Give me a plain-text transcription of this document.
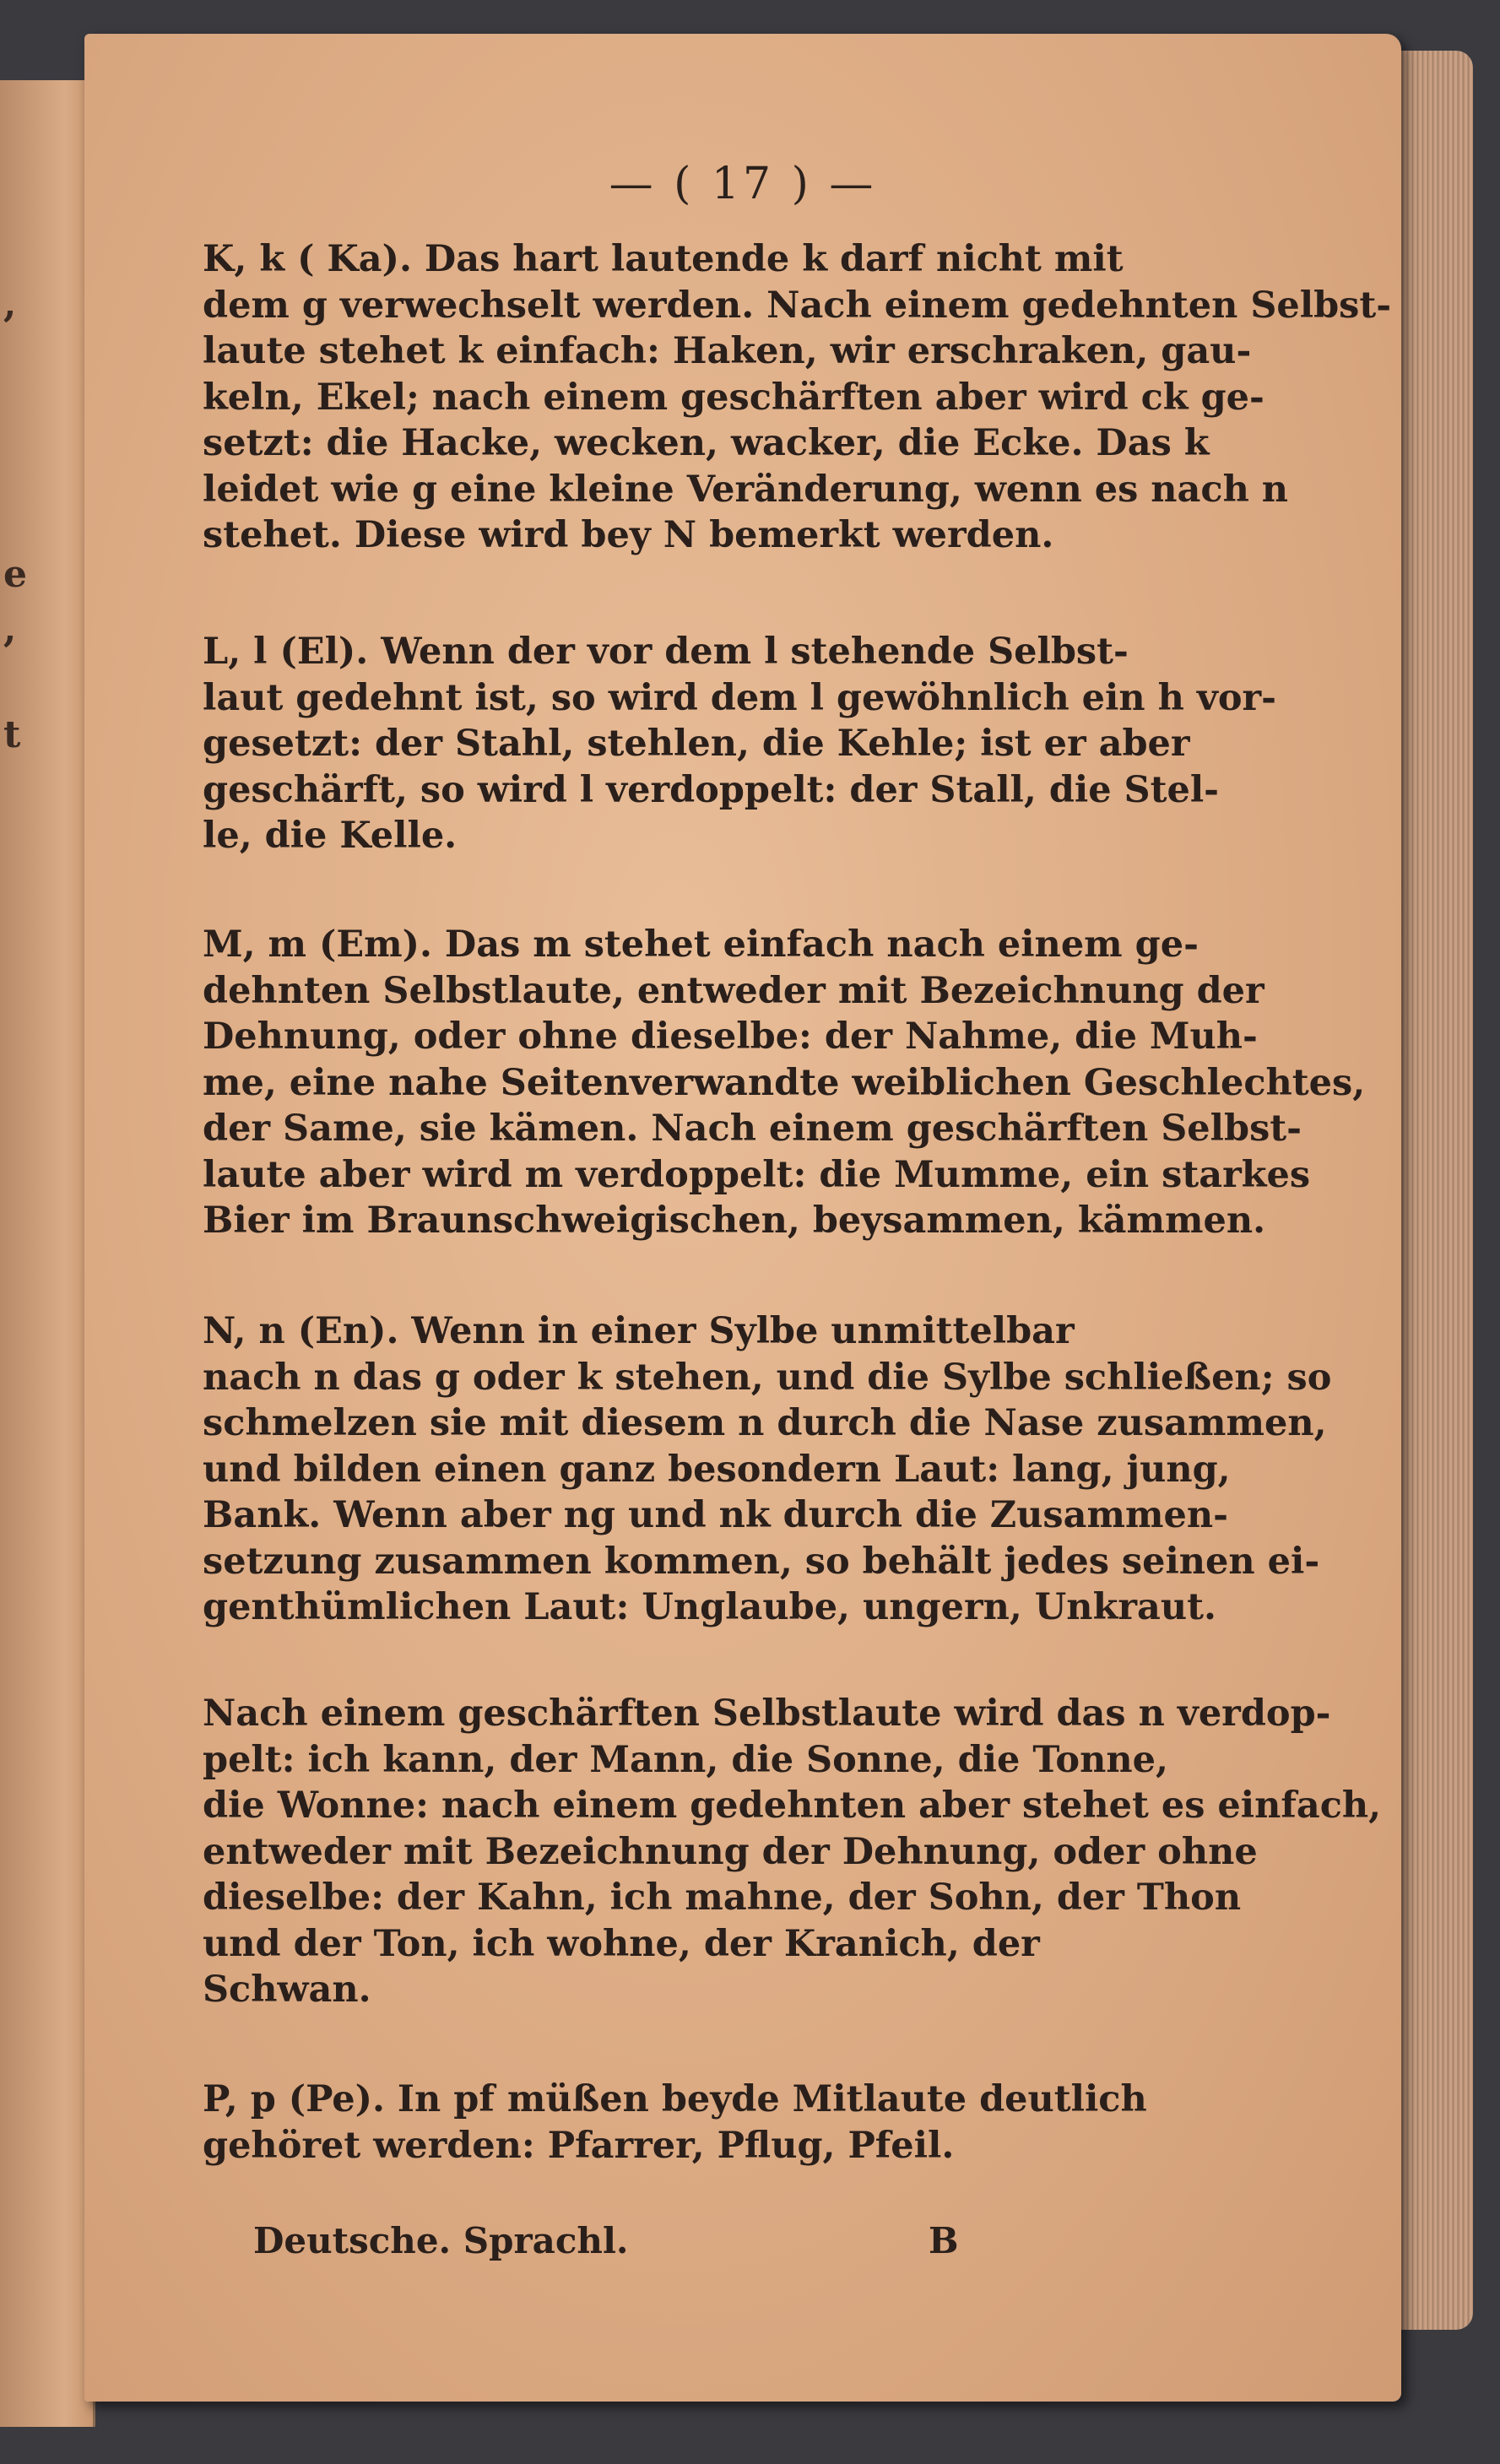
,
e
,
t
— ( 17 ) —
K, k ( Ka). Das hart lautende k darf nicht mit
dem g verwechselt werden. Nach einem gedehnten Selbst-
laute stehet k einfach: Haken, wir erschraken, gau-
keln, Ekel; nach einem geschärften aber wird ck ge-
setzt: die Hacke, wecken, wacker, die Ecke. Das k
leidet wie g eine kleine Veränderung, wenn es nach n
stehet. Diese wird bey N bemerkt werden.
L, l (El). Wenn der vor dem l stehende Selbst-
laut gedehnt ist, so wird dem l gewöhnlich ein h vor-
gesetzt: der Stahl, stehlen, die Kehle; ist er aber
geschärft, so wird l verdoppelt: der Stall, die Stel-
le, die Kelle.
M, m (Em). Das m stehet einfach nach einem ge-
dehnten Selbstlaute, entweder mit Bezeichnung der
Dehnung, oder ohne dieselbe: der Nahme, die Muh-
me, eine nahe Seitenverwandte weiblichen Geschlechtes,
der Same, sie kämen. Nach einem geschärften Selbst-
laute aber wird m verdoppelt: die Mumme, ein starkes
Bier im Braunschweigischen, beysammen, kämmen.
N, n (En). Wenn in einer Sylbe unmittelbar
nach n das g oder k stehen, und die Sylbe schließen; so
schmelzen sie mit diesem n durch die Nase zusammen,
und bilden einen ganz besondern Laut: lang, jung,
Bank. Wenn aber ng und nk durch die Zusammen-
setzung zusammen kommen, so behält jedes seinen ei-
genthümlichen Laut: Unglaube, ungern, Unkraut.
Nach einem geschärften Selbstlaute wird das n verdop-
pelt: ich kann, der Mann, die Sonne, die Tonne,
die Wonne: nach einem gedehnten aber stehet es einfach,
entweder mit Bezeichnung der Dehnung, oder ohne
dieselbe: der Kahn, ich mahne, der Sohn, der Thon
und der Ton, ich wohne, der Kranich, der
Schwan.
P, p (Pe). In pf müßen beyde Mitlaute deutlich
gehöret werden: Pfarrer, Pflug, Pfeil.
Deutsche. Sprachl.	B
